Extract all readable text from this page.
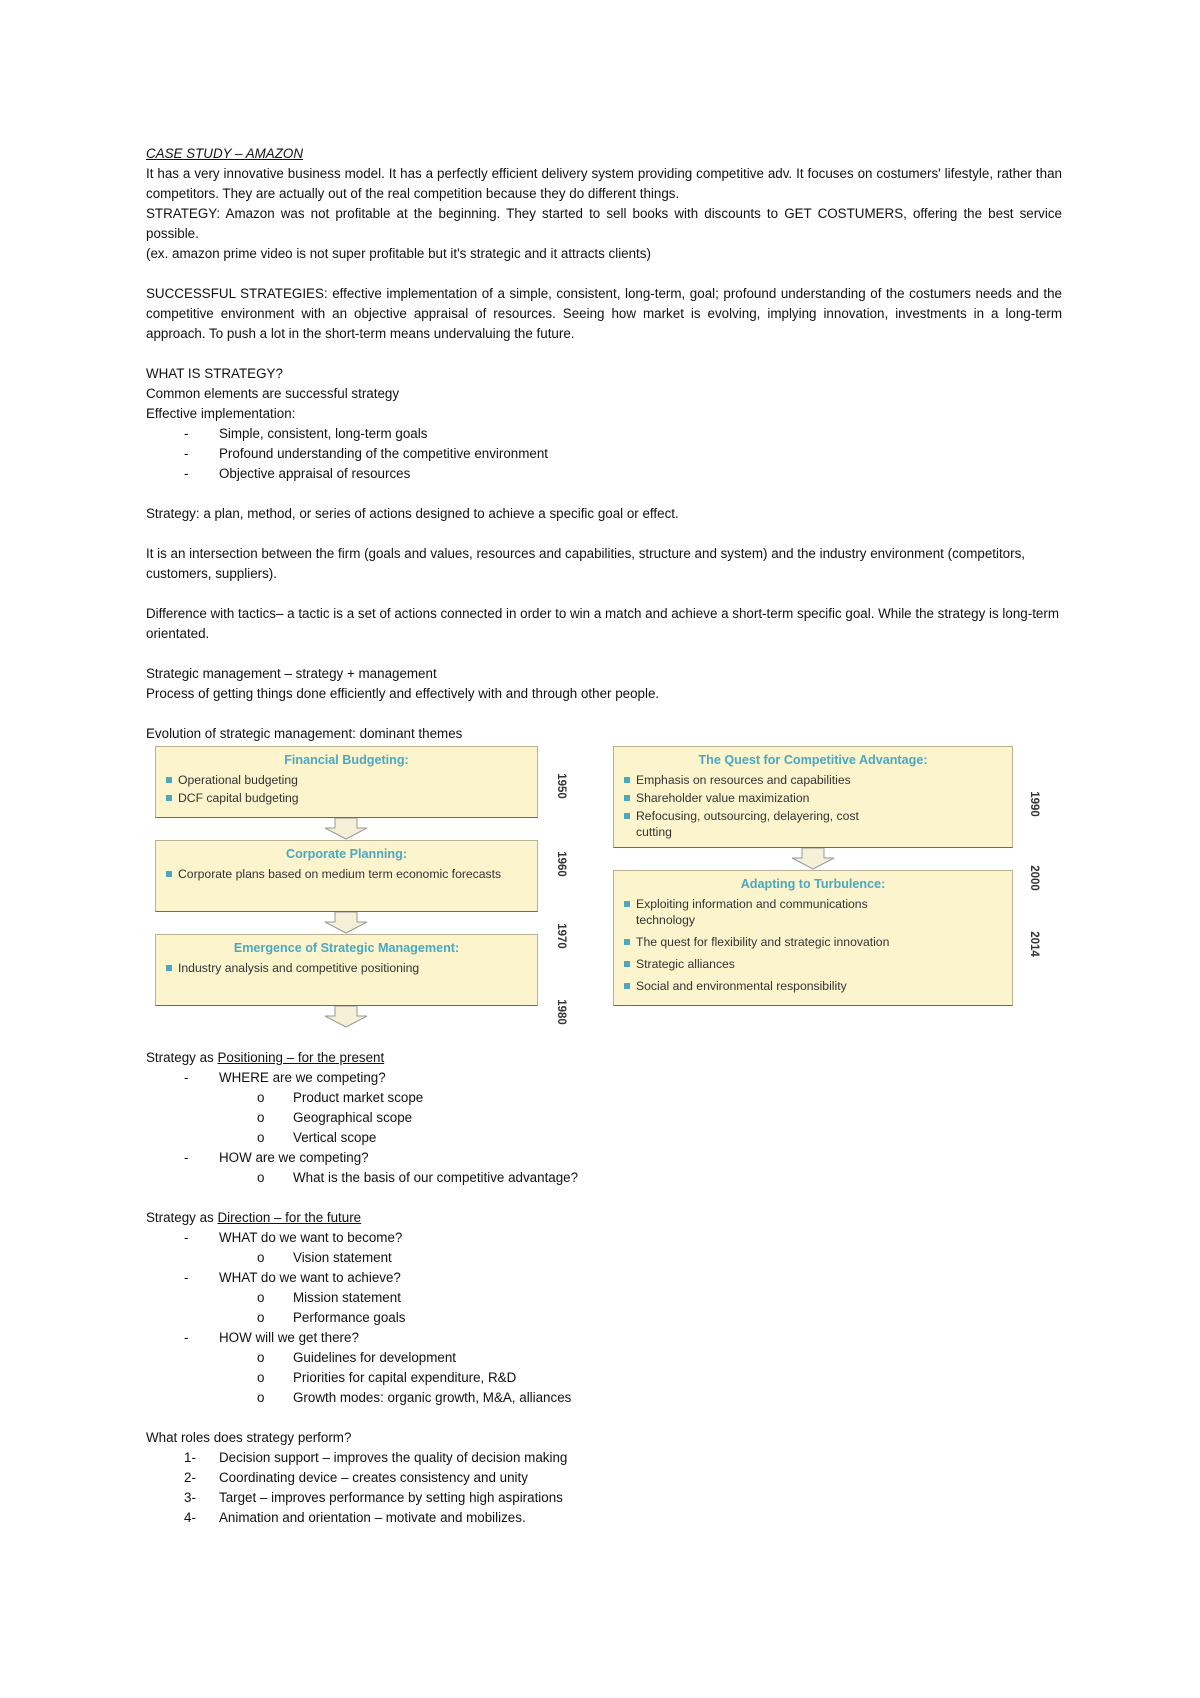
CASE STUDY – AMAZON

It has a very innovative business model. It has a perfectly efficient delivery system providing competitive adv. It focuses on costumers' lifestyle, rather than competitors. They are actually out of the real competition because they do different things.

STRATEGY: Amazon was not profitable at the beginning. They started to sell books with discounts to GET COSTUMERS, offering the best service possible.

(ex. amazon prime video is not super profitable but it's strategic and it attracts clients)

SUCCESSFUL STRATEGIES: effective implementation of a simple, consistent, long-term, goal; profound understanding of the costumers needs and the competitive environment with an objective appraisal of resources. Seeing how market is evolving, implying innovation, investments in a long-term approach. To push a lot in the short-term means undervaluing the future.

WHAT IS STRATEGY?

Common elements are successful strategy

Effective implementation:

- Simple, consistent, long-term goals
- Profound understanding of the competitive environment
- Objective appraisal of resources

Strategy: a plan, method, or series of actions designed to achieve a specific goal or effect.

It is an intersection between the firm (goals and values, resources and capabilities, structure and system) and the industry environment (competitors, customers, suppliers).

Difference with tactics– a tactic is a set of actions connected in order to win a match and achieve a short-term specific goal. While the strategy is long-term orientated.

Strategic management – strategy + management

Process of getting things done efficiently and effectively with and through other people.

Evolution of strategic management: dominant themes

Financial Budgeting:
Operational budgeting
DCF capital budgeting
Corporate Planning:
Corporate plans based on medium term economic forecasts
Emergence of Strategic Management:
Industry analysis and competitive positioning
1950
1960
1970
1980
The Quest for Competitive Advantage:
Emphasis on resources and capabilities
Shareholder value maximization
Refocusing, outsourcing, delayering, cost cutting
Adapting to Turbulence:
Exploiting information and communications technology
The quest for flexibility and strategic innovation
Strategic alliances
Social and environmental responsibility
1990
2000
2014

Strategy as Positioning – for the present

- WHERE are we competing?
o Product market scope
o Geographical scope
o Vertical scope
- HOW are we competing?
o What is the basis of our competitive advantage?

Strategy as Direction – for the future

- WHAT do we want to become?
o Vision statement
- WHAT do we want to achieve?
o Mission statement
o Performance goals
- HOW will we get there?
o Guidelines for development
o Priorities for capital expenditure, R&D
o Growth modes: organic growth, M&A, alliances

What roles does strategy perform?

1- Decision support – improves the quality of decision making
2- Coordinating device – creates consistency and unity
3- Target – improves performance by setting high aspirations
4- Animation and orientation – motivate and mobilizes.
